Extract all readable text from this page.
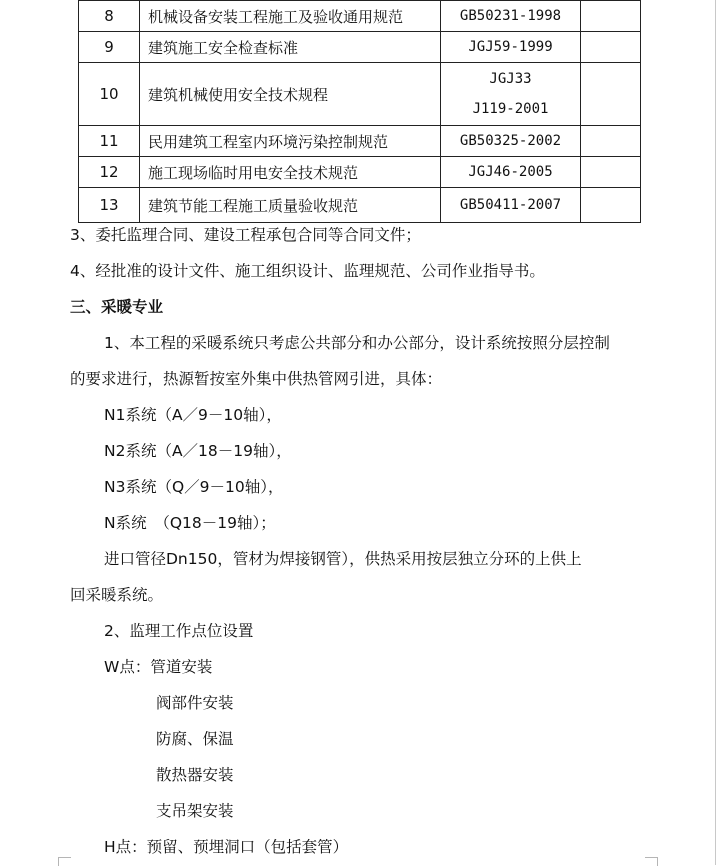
8	机械设备安装工程施工及验收通用规范	GB50231-1998	

9	建筑施工安全检查标准	JGJ59-1999	

10	建筑机械使用安全技术规程	JGJ33
J119-2001	

11	民用建筑工程室内环境污染控制规范	GB50325-2002	

12	施工现场临时用电安全技术规范	JGJ46-2005	

13	建筑节能工程施工质量验收规范	GB50411-2007	

3、委托监理合同、建设工程承包合同等合同文件；
4、经批准的设计文件、施工组织设计、监理规范、公司作业指导书。
三、采暖专业
1、本工程的采暖系统只考虑公共部分和办公部分，设计系统按照分层控制
的要求进行，热源暂按室外集中供热管网引进，具体：
N1系统（A／9－10轴），
N2系统（A／18－19轴），
N3系统（Q／9－10轴），
N系统　（Q18－19轴）；
进口管径Dn150，管材为焊接钢管），供热采用按层独立分环的上供上
回采暖系统。
2、监理工作点位设置
W点：管道安装
阀部件安装
防腐、保温
散热器安装
支吊架安装
H点：预留、预埋洞口（包括套管）
